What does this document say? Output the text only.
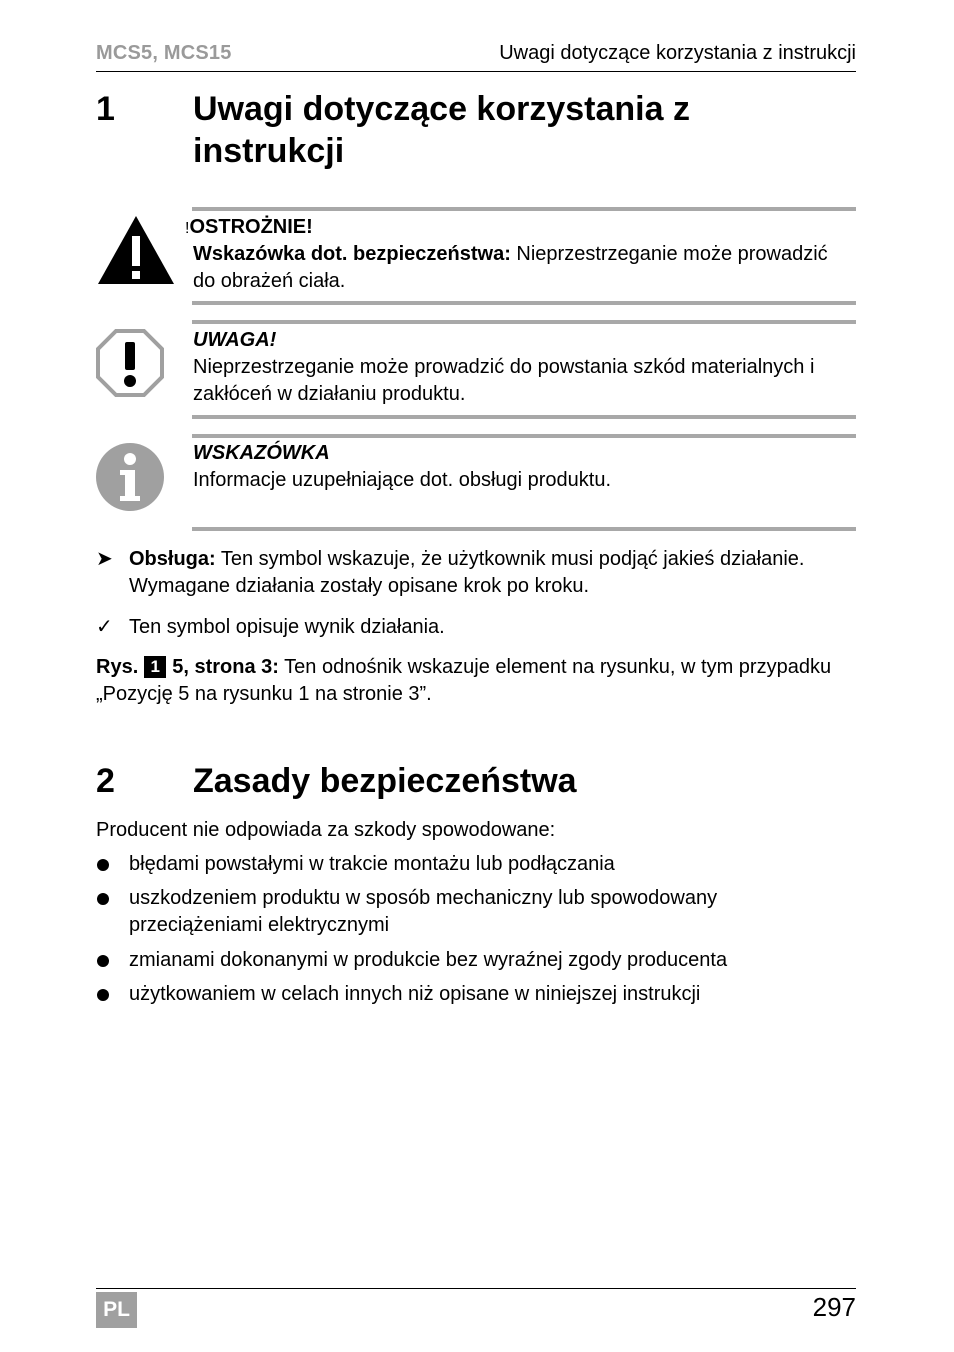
MCS5, MCS15	Uwagi dotyczące korzystania z instrukcji
1 Uwagi dotyczące korzystania z instrukcji
!OSTROŻNIE!
Wskazówka dot. bezpieczeństwa: Nieprzestrzeganie może prowadzić do obrażeń ciała.
UWAGA!
Nieprzestrzeganie może prowadzić do powstania szkód materialnych i zakłóceń w działaniu produktu.
WSKAZÓWKA
Informacje uzupełniające dot. obsługi produktu.
➤ Obsługa: Ten symbol wskazuje, że użytkownik musi podjąć jakieś działanie. Wymagane działania zostały opisane krok po kroku.
✓ Ten symbol opisuje wynik działania.
Rys. 1 5, strona 3: Ten odnośnik wskazuje element na rysunku, w tym przypadku „Pozycję 5 na rysunku 1 na stronie 3”.
2 Zasady bezpieczeństwa
Producent nie odpowiada za szkody spowodowane:
błędami powstałymi w trakcie montażu lub podłączania
uszkodzeniem produktu w sposób mechaniczny lub spowodowany przeciążeniami elektrycznymi
zmianami dokonanymi w produkcie bez wyraźnej zgody producenta
użytkowaniem w celach innych niż opisane w niniejszej instrukcji
PL	297
